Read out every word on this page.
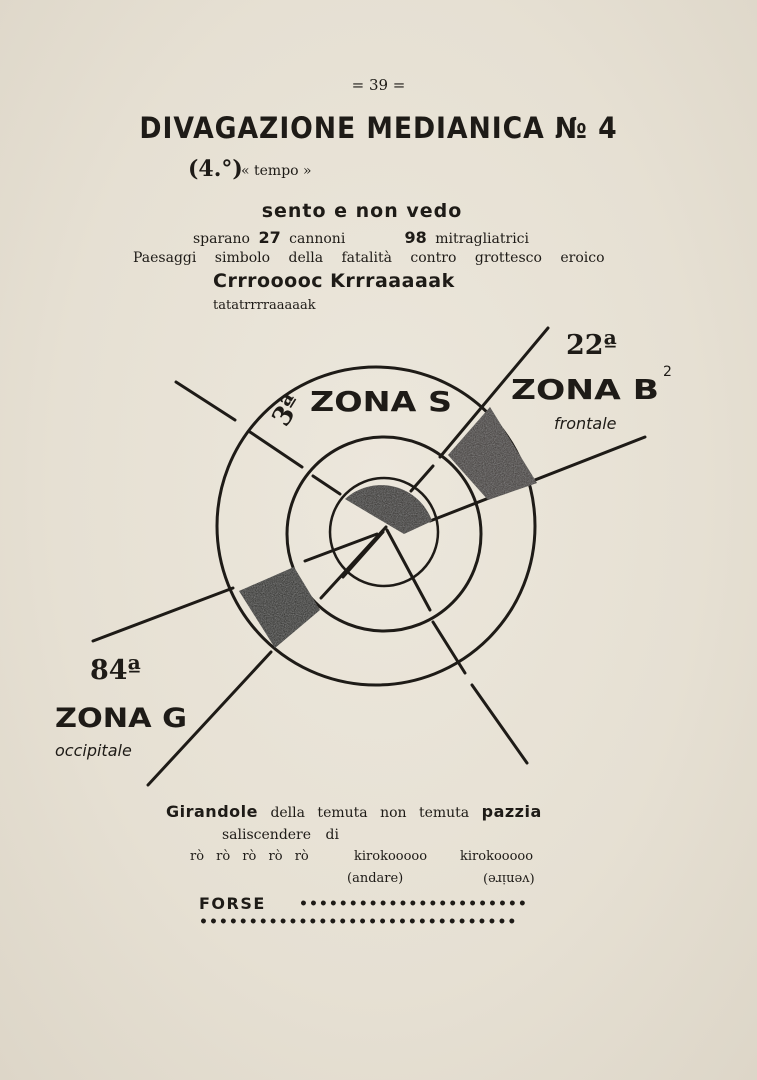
= 39 =
DIVAGAZIONE MEDIANICA № 4
(4.°)
« tempo »
sento e non vedo
sparano 27 cannoni	98 mitragliatrici
Paesaggi simbolo della fatalità contro grottesco eroico
Crrrooooc Krrraaaaak
tatatrrrraaaaak
3ª ZONA S
22ª
ZONA B
2
frontale
84ª
ZONA G
occipitale
Girandole della temuta non temuta pazzia
saliscendere di
rò rò rò rò rò	kirokooooo	kirokooooo
(andare)	(venire)
FORSE •••••••••••••••••••••••
••••••••••••••••••••••••••••••••
